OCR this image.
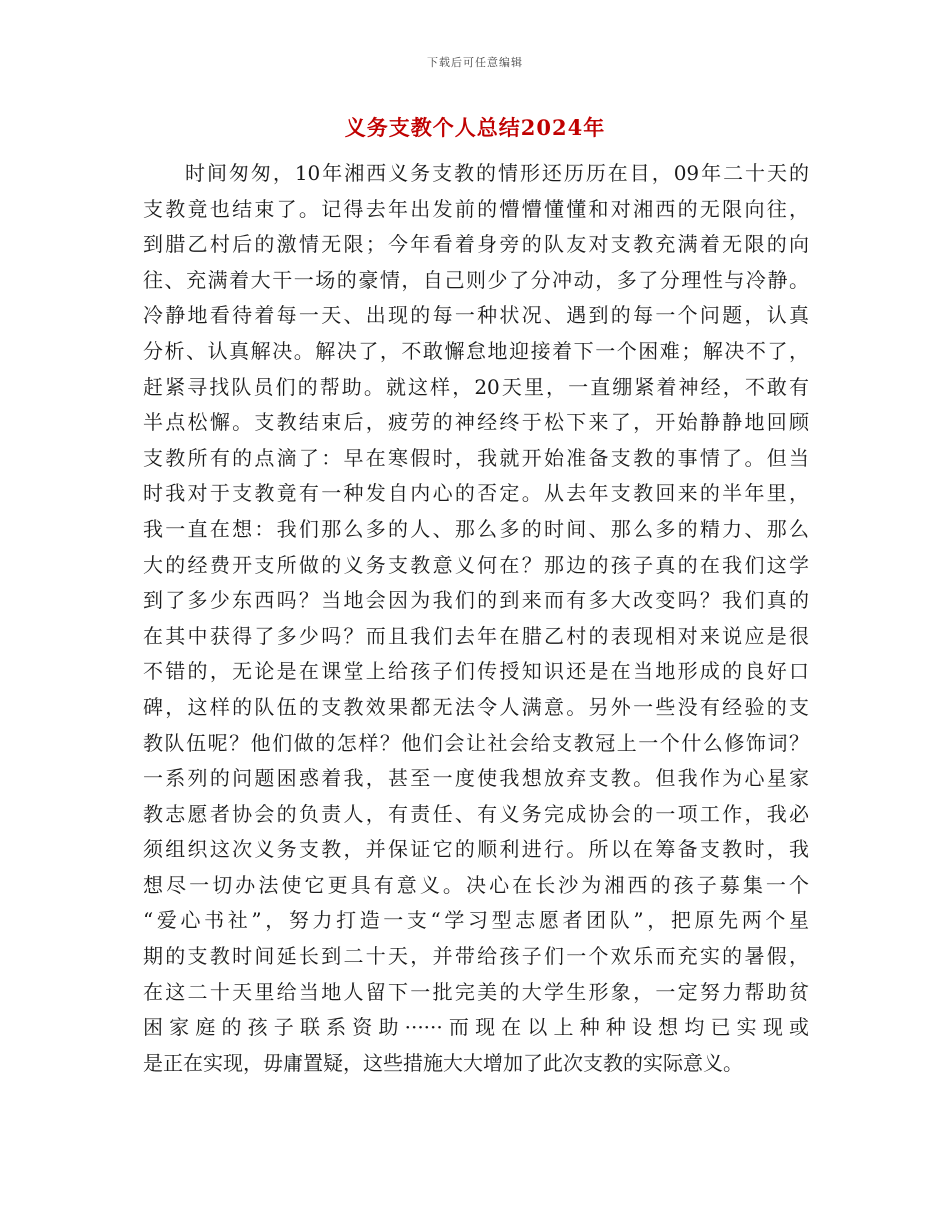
下载后可任意编辑
义务支教个人总结2024年
时间匆匆，10年湘西义务支教的情形还历历在目，09年二十天的
支教竟也结束了。记得去年出发前的懵懵懂懂和对湘西的无限向往，
到腊乙村后的激情无限；今年看着身旁的队友对支教充满着无限的向
往、充满着大干一场的豪情，自己则少了分冲动，多了分理性与冷静。
冷静地看待着每一天、出现的每一种状况、遇到的每一个问题，认真
分析、认真解决。解决了，不敢懈怠地迎接着下一个困难；解决不了，
赶紧寻找队员们的帮助。就这样，20天里，一直绷紧着神经，不敢有
半点松懈。支教结束后，疲劳的神经终于松下来了，开始静静地回顾
支教所有的点滴了：早在寒假时，我就开始准备支教的事情了。但当
时我对于支教竟有一种发自内心的否定。从去年支教回来的半年里，
我一直在想：我们那么多的人、那么多的时间、那么多的精力、那么
大的经费开支所做的义务支教意义何在？那边的孩子真的在我们这学
到了多少东西吗？当地会因为我们的到来而有多大改变吗？我们真的
在其中获得了多少吗？而且我们去年在腊乙村的表现相对来说应是很
不错的，无论是在课堂上给孩子们传授知识还是在当地形成的良好口
碑，这样的队伍的支教效果都无法令人满意。另外一些没有经验的支
教队伍呢？他们做的怎样？他们会让社会给支教冠上一个什么修饰词？
一系列的问题困惑着我，甚至一度使我想放弃支教。但我作为心星家
教志愿者协会的负责人，有责任、有义务完成协会的一项工作，我必
须组织这次义务支教，并保证它的顺利进行。所以在筹备支教时，我
想尽一切办法使它更具有意义。决心在长沙为湘西的孩子募集一个
“爱心书社”，努力打造一支“学习型志愿者团队”，把原先两个星
期的支教时间延长到二十天，并带给孩子们一个欢乐而充实的暑假，
在这二十天里给当地人留下一批完美的大学生形象，一定努力帮助贫
困家庭的孩子联系资助······而现在以上种种设想均已实现或
是正在实现，毋庸置疑，这些措施大大增加了此次支教的实际意义。
